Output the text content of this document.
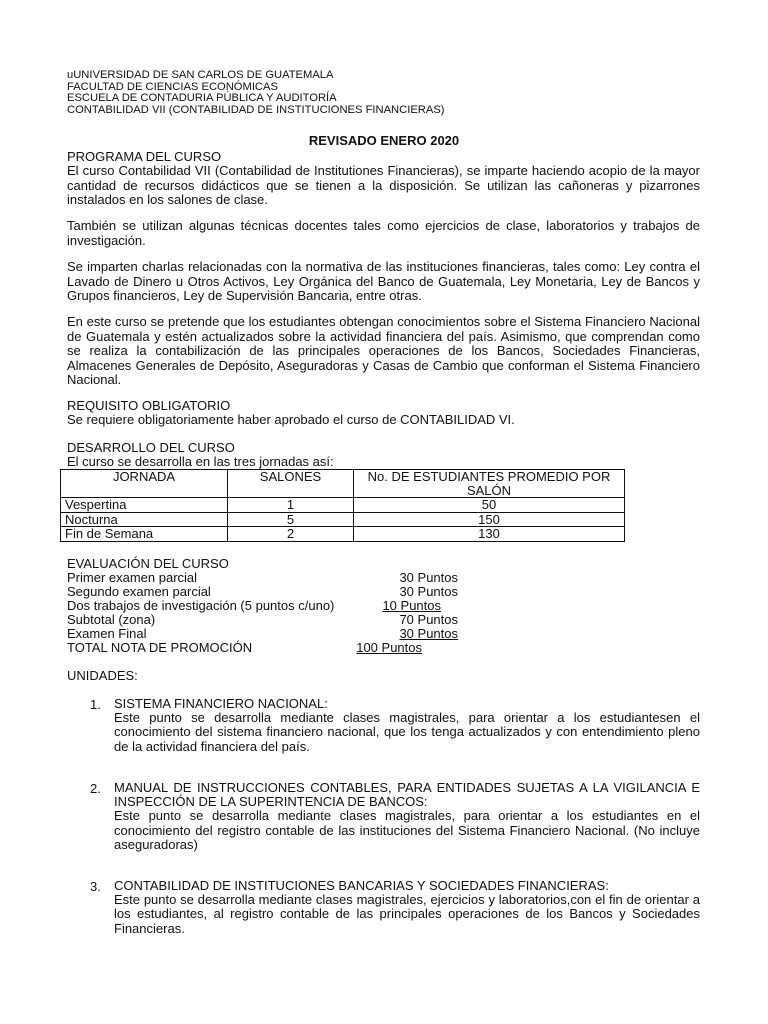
uUNIVERSIDAD DE SAN CARLOS DE GUATEMALA
FACULTAD DE CIENCIAS ECONÓMICAS
ESCUELA DE CONTADURIA PÚBLICA Y AUDITORÍA
CONTABILIDAD VII (CONTABILIDAD DE INSTITUCIONES FINANCIERAS)
REVISADO ENERO 2020
PROGRAMA DEL CURSO
El curso Contabilidad VII (Contabilidad de Institutiones Financieras), se imparte haciendo acopio de la mayor cantidad de recursos didácticos que se tienen a la disposición. Se utilizan las cañoneras y pizarrones instalados en los salones de clase.
También se utilizan algunas técnicas docentes tales como ejercicios de clase, laboratorios y trabajos de investigación.
Se imparten charlas relacionadas con la normativa de las instituciones financieras, tales como: Ley contra el Lavado de Dinero u Otros Activos, Ley Orgánica del Banco de Guatemala, Ley Monetaria, Ley de Bancos y Grupos financieros, Ley de Supervisión Bancaria, entre otras.
En este curso se pretende que los estudiantes obtengan conocimientos sobre el Sistema Financiero Nacional de Guatemala y estén actualizados sobre la actividad financiera del país. Asimismo, que comprendan como se realiza la contabilización de las principales operaciones de los Bancos, Sociedades Financieras, Almacenes Generales de Depósito, Aseguradoras y Casas de Cambio que conforman el Sistema Financiero Nacional.
REQUISITO OBLIGATORIO
Se requiere obligatoriamente haber aprobado el curso de CONTABILIDAD VI.
DESARROLLO DEL CURSO
El curso se desarrolla en las tres jornadas así:
JORNADA	SALONES	No. DE ESTUDIANTES PROMEDIO POR SALÓN
Vespertina	1	50
Nocturna	5	150
Fin de Semana	2	130
EVALUACIÓN DEL CURSO
Primer examen parcial	30 Puntos
Segundo examen parcial	30 Puntos
Dos trabajos de investigación (5 puntos c/uno)	10 Puntos
Subtotal (zona)	70 Puntos
Examen Final	30 Puntos
TOTAL NOTA DE PROMOCIÓN	100 Puntos
UNIDADES:
1. SISTEMA FINANCIERO NACIONAL:
Este punto se desarrolla mediante clases magistrales, para orientar a los estudiantesen el conocimiento del sistema financiero nacional, que los tenga actualizados y con entendimiento pleno de la actividad financiera del país.
2. MANUAL DE INSTRUCCIONES CONTABLES, PARA ENTIDADES SUJETAS A LA VIGILANCIA E INSPECCIÓN DE LA SUPERINTENCIA DE BANCOS:
Este punto se desarrolla mediante clases magistrales, para orientar a los estudiantes en el conocimiento del registro contable de las instituciones del Sistema Financiero Nacional. (No incluye aseguradoras)
3. CONTABILIDAD DE INSTITUCIONES BANCARIAS Y SOCIEDADES FINANCIERAS:
Este punto se desarrolla mediante clases magistrales, ejercicios y laboratorios,con el fin de orientar a los estudiantes, al registro contable de las principales operaciones de los Bancos y Sociedades Financieras.
